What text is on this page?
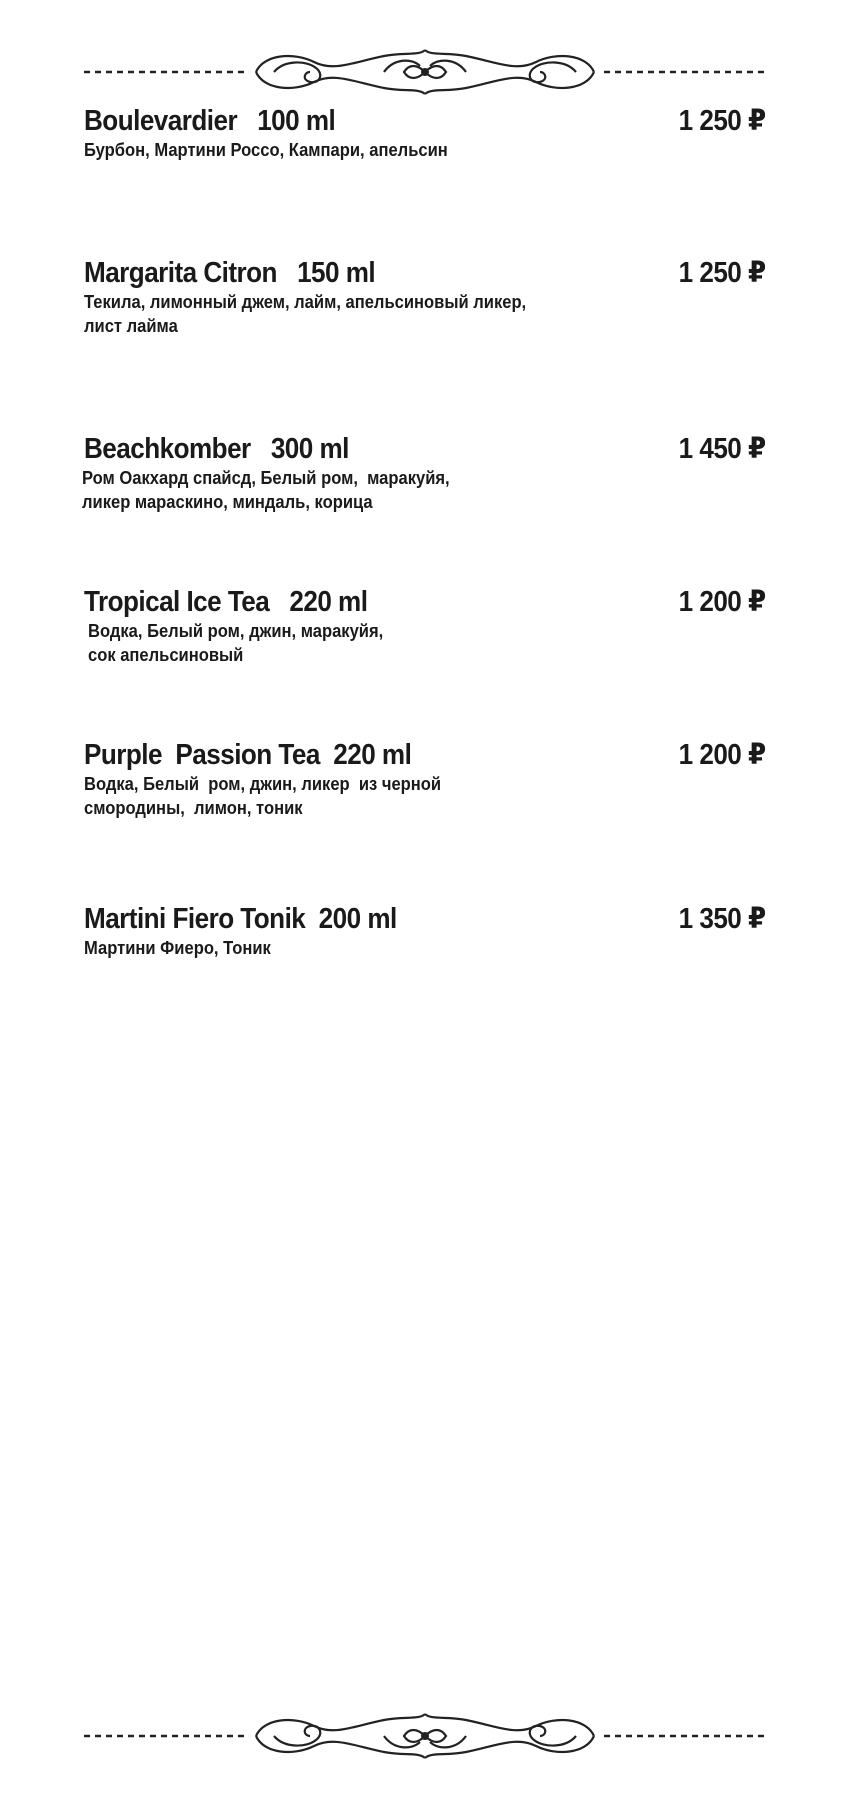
Boulevardier   100 ml	1 250 ₽
Бурбон, Мартини Россо, Кампари, апельсин
Margarita Citron   150 ml	1 250 ₽
Текила, лимонный джем, лайм, апельсиновый ликер,
лист лайма
Beachkomber   300 ml	1 450 ₽
Ром Оакхард спайсд, Белый ром,  маракуйя,
ликер мараскино, миндаль, корица
Tropical Ice Tea   220 ml	1 200 ₽
Водка, Белый ром, джин, маракуйя,
сок апельсиновый
Purple  Passion Tea  220 ml	1 200 ₽
Водка, Белый  ром, джин, ликер  из черной
смородины,  лимон, тоник
Martini Fiero Tonik  200 ml	1 350 ₽
Мартини Фиеро, Тоник
